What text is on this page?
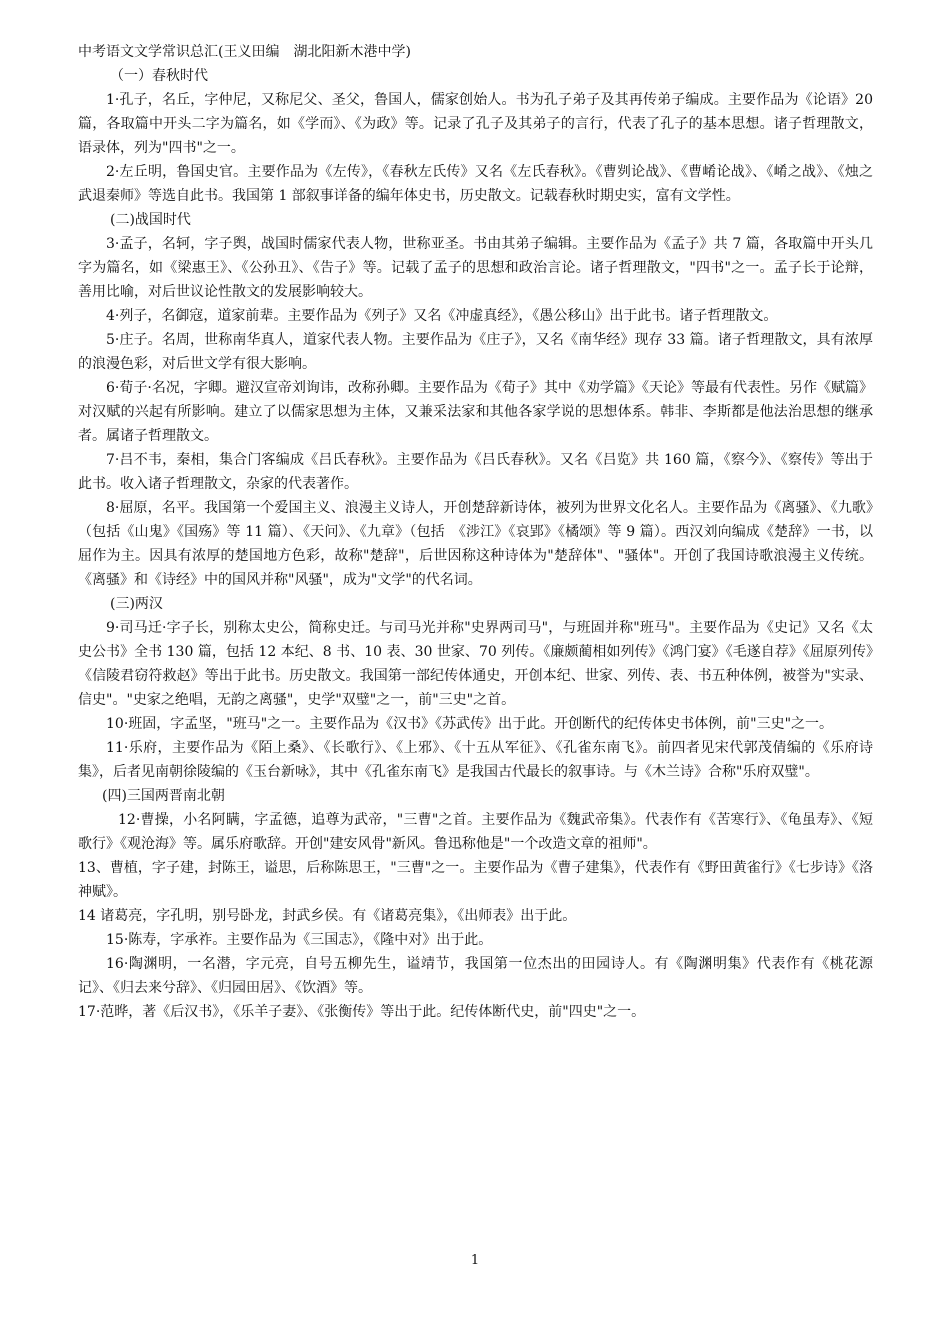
中考语文文学常识总汇(王义田编　湖北阳新木港中学)

（一）春秋时代

1·孔子，名丘，字仲尼，又称尼父、圣父，鲁国人，儒家创始人。书为孔子弟子及其再传弟子编成。主要作品为《论语》20 篇，各取篇中开头二字为篇名，如《学而》、《为政》等。记录了孔子及其弟子的言行，代表了孔子的基本思想。诸子哲理散文，语录体，列为"四书"之一。

2·左丘明，鲁国史官。主要作品为《左传》，《春秋左氏传》又名《左氏春秋》。《曹刿论战》、《曹崤论战》、《崤之战》、《烛之武退秦师》等选自此书。我国第 1 部叙事详备的编年体史书，历史散文。记载春秋时期史实，富有文学性。

(二)战国时代

3·孟子，名轲，字子舆，战国时儒家代表人物，世称亚圣。书由其弟子编辑。主要作品为《孟子》共 7 篇，各取篇中开头几字为篇名，如《梁惠王》、《公孙丑》、《告子》等。记载了孟子的思想和政治言论。诸子哲理散文，"四书"之一。孟子长于论辩，善用比喻，对后世议论性散文的发展影响较大。

4·列子，名御寇，道家前辈。主要作品为《列子》又名《冲虚真经》，《愚公移山》出于此书。诸子哲理散文。

5·庄子。名周，世称南华真人，道家代表人物。主要作品为《庄子》，又名《南华经》现存 33 篇。诸子哲理散文，具有浓厚的浪漫色彩，对后世文学有很大影响。

6·荀子·名况，字卿。避汉宣帝刘询讳，改称孙卿。主要作品为《荀子》其中《劝学篇》《天论》等最有代表性。另作《赋篇》对汉赋的兴起有所影响。建立了以儒家思想为主体，又兼采法家和其他各家学说的思想体系。韩非、李斯都是他法治思想的继承者。属诸子哲理散文。

7·吕不韦，秦相，集合门客编成《吕氏春秋》。主要作品为《吕氏春秋》。又名《吕览》共 160 篇，《察今》、《察传》等出于此书。收入诸子哲理散文，杂家的代表著作。

8·屈原，名平。我国第一个爱国主义、浪漫主义诗人，开创楚辞新诗体，被列为世界文化名人。主要作品为《离骚》、《九歌》（包括《山鬼》《国殇》等 11 篇）、《天问》、《九章》（包括　《涉江》《哀郢》《橘颂》等 9 篇）。西汉刘向编成《楚辞》一书，以屈作为主。因具有浓厚的楚国地方色彩，故称"楚辞"，后世因称这种诗体为"楚辞体"、"骚体"。开创了我国诗歌浪漫主义传统。《离骚》和《诗经》中的国风并称"风骚"，成为"文学"的代名词。

(三)两汉

9·司马迁·字子长，别称太史公，简称史迁。与司马光并称"史界两司马"，与班固并称"班马"。主要作品为《史记》又名《太史公书》全书 130 篇，包括 12 本纪、8 书、10 表、30 世家、70 列传。《廉颇蔺相如列传》《鸿门宴》《毛遂自荐》《屈原列传》《信陵君窃符救赵》等出于此书。历史散文。我国第一部纪传体通史，开创本纪、世家、列传、表、书五种体例，被誉为"实录、信史"。"史家之绝唱，无韵之离骚"，史学"双璧"之一，前"三史"之首。

10·班固，字孟坚，"班马"之一。主要作品为《汉书》《苏武传》出于此。开创断代的纪传体史书体例，前"三史"之一。

11·乐府，主要作品为《陌上桑》、《长歌行》、《上邪》、《十五从军征》、《孔雀东南飞》。前四者见宋代郭茂倩编的《乐府诗集》，后者见南朝徐陵编的《玉台新咏》，其中《孔雀东南飞》是我国古代最长的叙事诗。与《木兰诗》合称"乐府双璧"。

(四)三国两晋南北朝

12·曹操，小名阿瞒，字孟德，追尊为武帝，"三曹"之首。主要作品为《魏武帝集》。代表作有《苦寒行》、《龟虽寿》、《短歌行》《观沧海》等。属乐府歌辞。开创"建安风骨"新风。鲁迅称他是"一个改造文章的祖师"。

13、曹植，字子建，封陈王，谥思，后称陈思王，"三曹"之一。主要作品为《曹子建集》，代表作有《野田黄雀行》《七步诗》《洛神赋》。

14 诸葛亮，字孔明，别号卧龙，封武乡侯。有《诸葛亮集》，《出师表》出于此。

15·陈寿，字承祚。主要作品为《三国志》，《隆中对》出于此。

16·陶渊明，一名潜，字元亮，自号五柳先生，谥靖节，我国第一位杰出的田园诗人。有《陶渊明集》代表作有《桃花源记》、《归去来兮辞》、《归园田居》、《饮酒》等。

17·范晔，著《后汉书》，《乐羊子妻》、《张衡传》等出于此。纪传体断代史，前"四史"之一。

1
